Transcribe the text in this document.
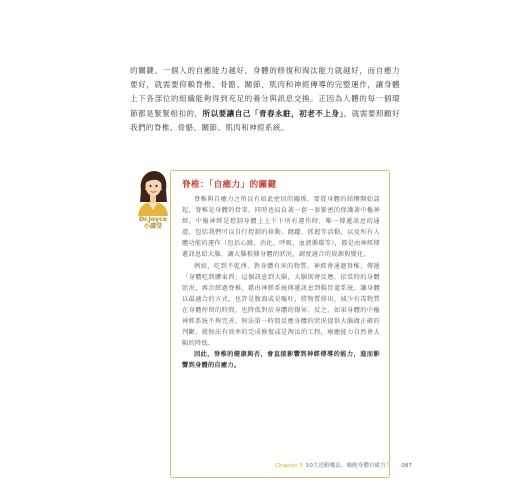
的關鍵。一個人的自癒能力越好，身體的修復和淘汰能力就越好，而自癒力要好，就需要仰賴脊椎、骨骼、關節、肌肉和神經傳導的完整運作，讓身體上下各部位的組織能夠得到充足的養分與訊息交換。正因為人體的每一個環節都是緊緊相扣的，所以要讓自己「青春永駐，初老不上身」，就需要照顧好我們的脊椎、骨骼、關節、肌肉和神經系統。

Dr.Joyce
小講堂
脊椎：「自癒力」的關鍵

脊椎與自癒力之所以有如此密切的關係，要從身體的結構開始談起。脊椎是身體的骨架，同時也肩負著一套一套緊密的保護著中樞神經。中樞神經是控制身體上上下下所有運作時，唯一傳遞訊息的通道，包括我們可以自行控制的移動、跳躍、抓握等活動，以及所有人體功能的運作（包括心跳、消化、呼吸、血液循環等），都是由神經傳遞訊息給大腦，讓大腦根據身體的狀況，調度適合的資源與變化。

例如，吃到不乾淨，對身體有害的物質，神經會通過脊椎，傳遞「身體吃到髒東西」這個訊息到大腦，大腦則會反應，依當時的身體狀況，再次經過脊椎，藉由神經系統傳遞訊息到腸胃道系統，讓身體以最適合的方式，也許是腹瀉或是嘔吐，將物質排出，減少有毒物質在身體停留的時間，也降低對於身體的傷害。反之，如果身體的中樞神經系統不夠完善，無法第一時間反應身體的狀況提供大腦做正確的判斷，就無法有效率的完成修復或是淘汰的工程，療癒能力自然會大幅的降低。

因此，脊椎的健康與否，會直接影響到神經傳導的能力，進而影響到身體的自癒力。

Chapter 3 10大逆齡魔法，喚醒身體自癒力！ 087
